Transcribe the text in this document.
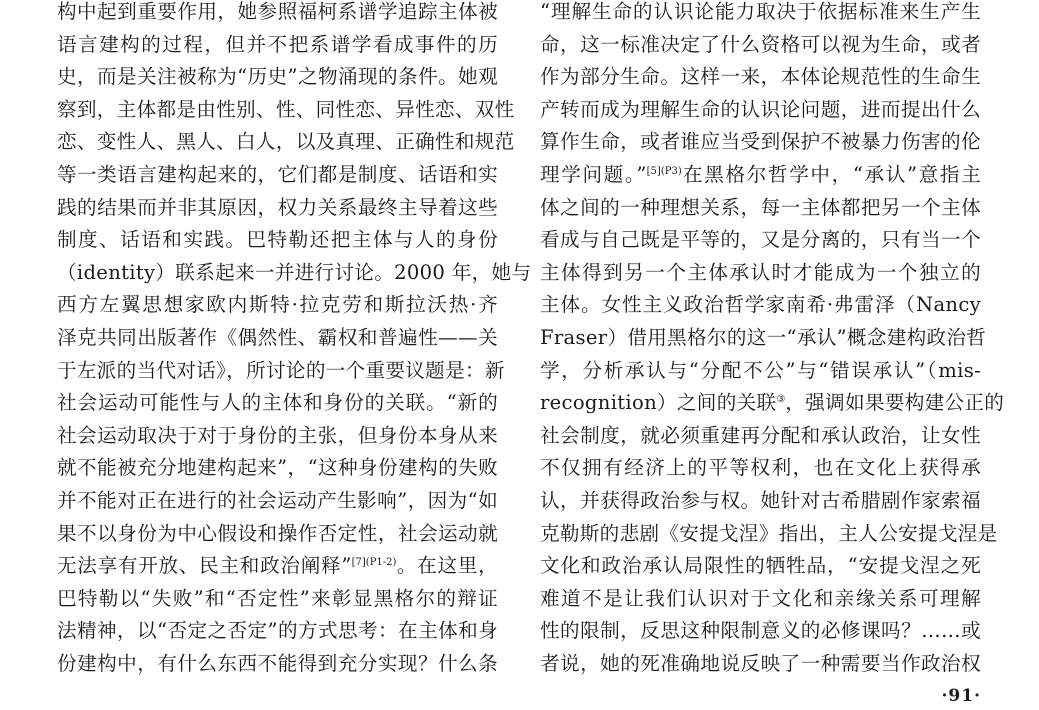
构中起到重要作用，她参照福柯系谱学追踪主体被
语言建构的过程，但并不把系谱学看成事件的历
史，而是关注被称为“历史”之物涌现的条件。她观
察到，主体都是由性别、性、同性恋、异性恋、双性
恋、变性人、黑人、白人，以及真理、正确性和规范
等一类语言建构起来的，它们都是制度、话语和实
践的结果而并非其原因，权力关系最终主导着这些
制度、话语和实践。巴特勒还把主体与人的身份
（identity）联系起来一并进行讨论。2000 年，她与
西方左翼思想家欧内斯特·拉克劳和斯拉沃热·齐
泽克共同出版著作《偶然性、霸权和普遍性——关
于左派的当代对话》，所讨论的一个重要议题是：新
社会运动可能性与人的主体和身份的关联。“新的
社会运动取决于对于身份的主张，但身份本身从来
就不能被充分地建构起来”，“这种身份建构的失败
并不能对正在进行的社会运动产生影响”，因为“如
果不以身份为中心假设和操作否定性，社会运动就
无法享有开放、民主和政治阐释”$^{[7](P1-2)}$。在这里，
巴特勒以“失败”和“否定性”来彰显黑格尔的辩证
法精神，以“否定之否定”的方式思考：在主体和身
份建构中，有什么东西不能得到充分实现？什么条
“理解生命的认识论能力取决于依据标准来生产生
命，这一标准决定了什么资格可以视为生命，或者
作为部分生命。这样一来，本体论规范性的生命生
产转而成为理解生命的认识论问题，进而提出什么
算作生命，或者谁应当受到保护不被暴力伤害的伦
理学问题。”$^{[5](P3)}$在黑格尔哲学中，“承认”意指主
体之间的一种理想关系，每一主体都把另一个主体
看成与自己既是平等的，又是分离的，只有当一个
主体得到另一个主体承认时才能成为一个独立的
主体。女性主义政治哲学家南希·弗雷泽（Nancy
Fraser）借用黑格尔的这一“承认”概念建构政治哲
学，分析承认与“分配不公”与“错误承认”（mis-
recognition）之间的关联③，强调如果要构建公正的
社会制度，就必须重建再分配和承认政治，让女性
不仅拥有经济上的平等权利，也在文化上获得承
认，并获得政治参与权。她针对古希腊剧作家索福
克勒斯的悲剧《安提戈涅》指出，主人公安提戈涅是
文化和政治承认局限性的牺牲品，“安提戈涅之死
难道不是让我们认识对于文化和亲缘关系可理解
性的限制，反思这种限制意义的必修课吗？……或
者说，她的死准确地说反映了一种需要当作政治权
·91·
